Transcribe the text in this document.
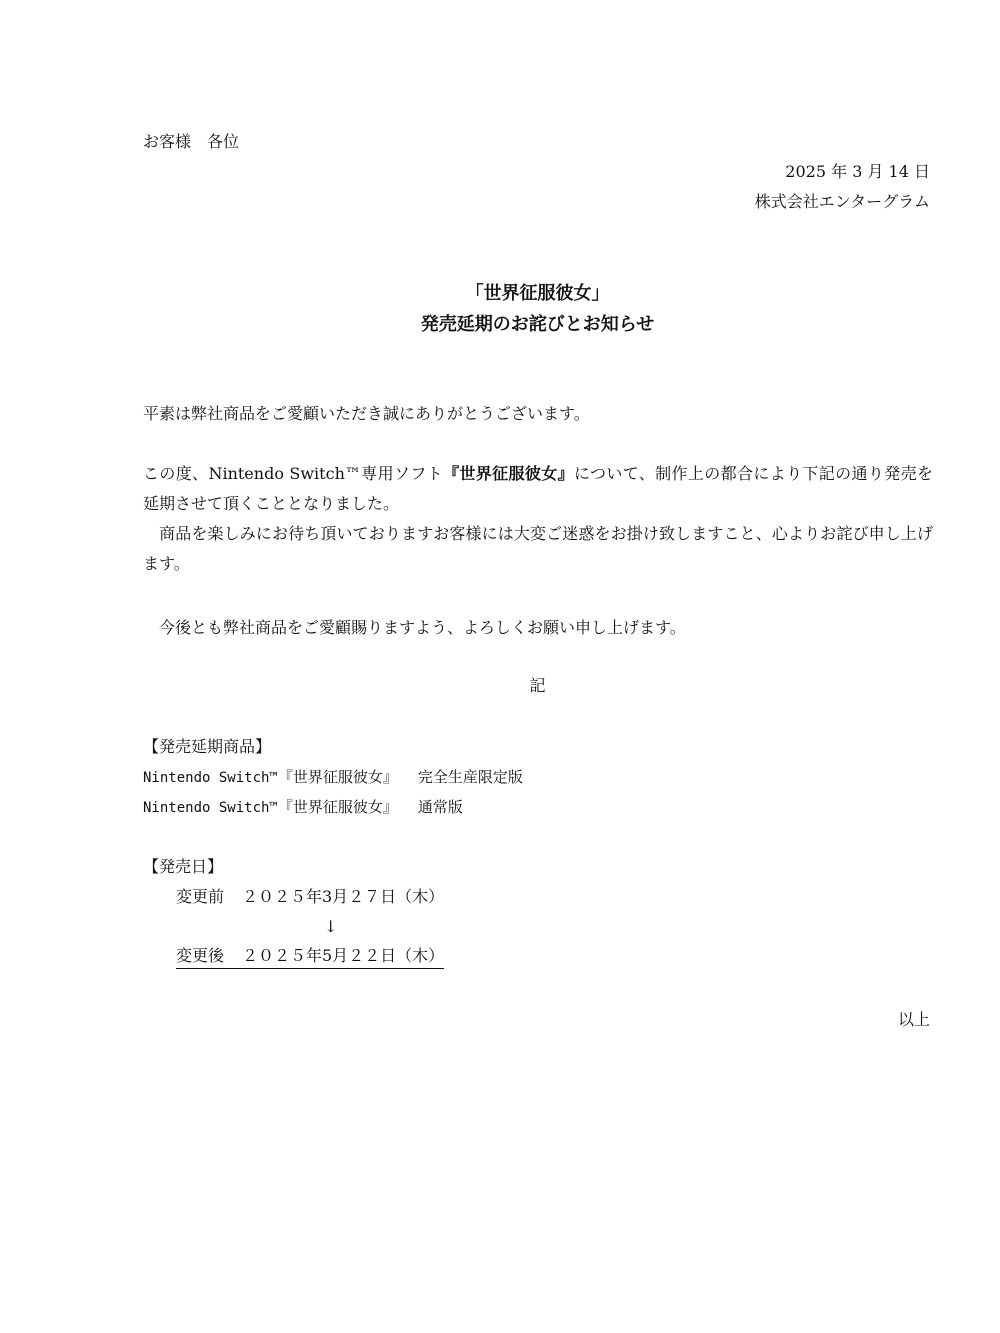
お客様　各位
2025 年 3 月 14 日
株式会社エンターグラム
「世界征服彼女」
発売延期のお詫びとお知らせ
平素は弊社商品をご愛顧いただき誠にありがとうございます。
この度、Nintendo Switch™専用ソフト『世界征服彼女』について、制作上の都合により下記の通り発売を延期させて頂くこととなりました。
商品を楽しみにお待ち頂いておりますお客様には大変ご迷惑をお掛け致しますこと、心よりお詫び申し上げます。
今後とも弊社商品をご愛顧賜りますよう、よろしくお願い申し上げます。
記
【発売延期商品】
Nintendo Switch™『世界征服彼女』 完全生産限定版
Nintendo Switch™『世界征服彼女』 通常版
【発売日】
変更前 ２０２５年3月２７日（木）
↓
変更後 ２０２５年5月２２日（木）
以上
